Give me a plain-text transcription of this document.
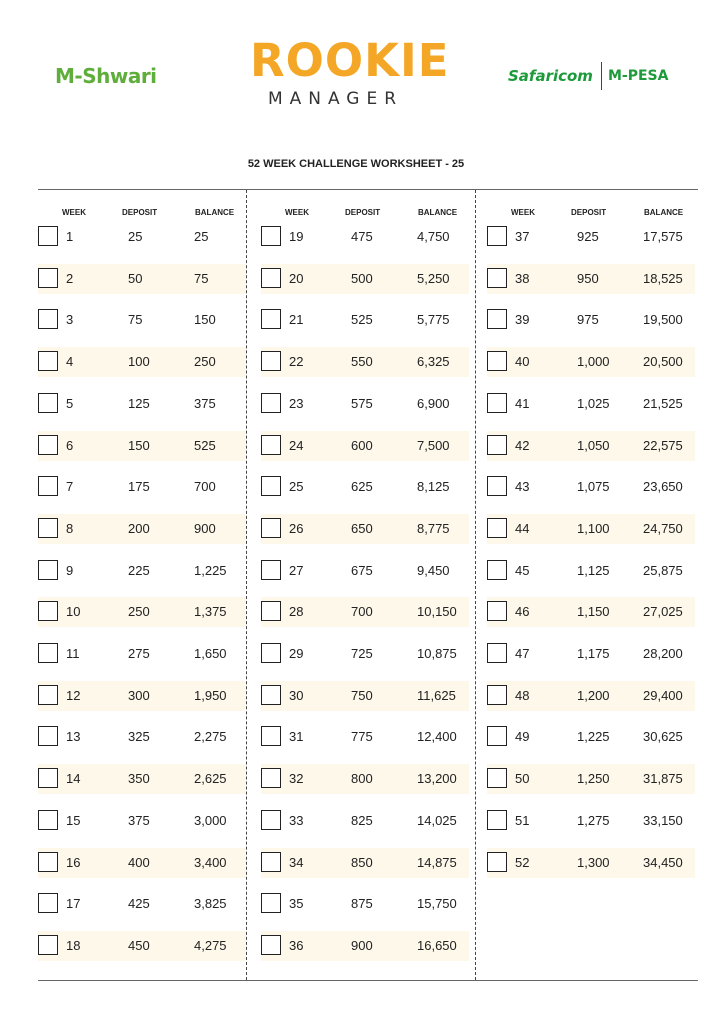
M-Shwari ROOKIE
MANAGER
Safaricom M-PESA
52 WEEK CHALLENGE WORKSHEET - 25
WEEK	DEPOSIT	BALANCE
1	25	25
2	50	75
3	75	150
4	100	250
5	125	375
6	150	525
7	175	700
8	200	900
9	225	1,225
10	250	1,375
11	275	1,650
12	300	1,950
13	325	2,275
14	350	2,625
15	375	3,000
16	400	3,400
17	425	3,825
18	450	4,275
WEEK	DEPOSIT	BALANCE
19	475	4,750
20	500	5,250
21	525	5,775
22	550	6,325
23	575	6,900
24	600	7,500
25	625	8,125
26	650	8,775
27	675	9,450
28	700	10,150
29	725	10,875
30	750	11,625
31	775	12,400
32	800	13,200
33	825	14,025
34	850	14,875
35	875	15,750
36	900	16,650
WEEK	DEPOSIT	BALANCE
37	925	17,575
38	950	18,525
39	975	19,500
40	1,000	20,500
41	1,025	21,525
42	1,050	22,575
43	1,075	23,650
44	1,100	24,750
45	1,125	25,875
46	1,150	27,025
47	1,175	28,200
48	1,200	29,400
49	1,225	30,625
50	1,250	31,875
51	1,275	33,150
52	1,300	34,450
